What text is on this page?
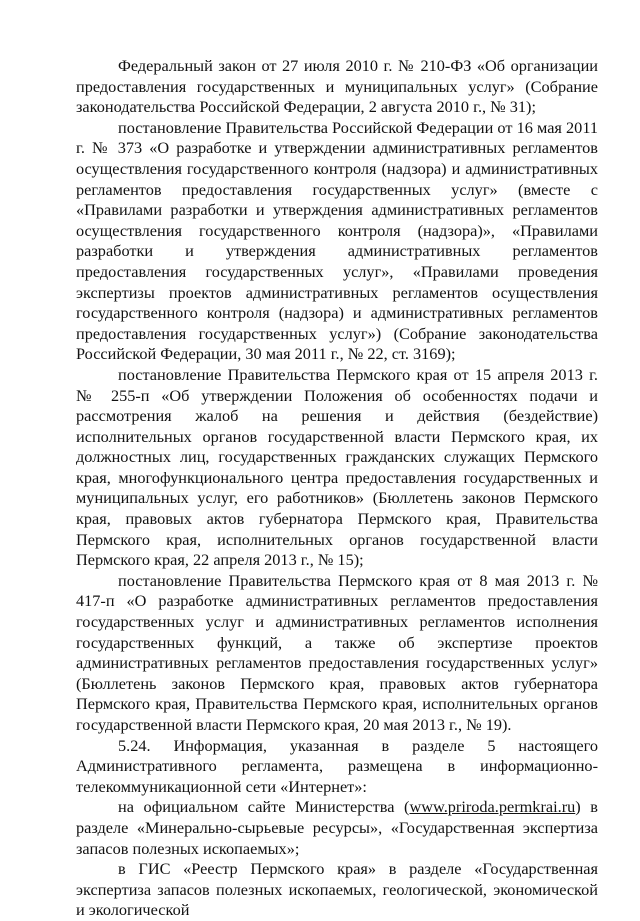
Федеральный закон от 27 июля 2010 г. № 210-ФЗ «Об организации предоставления государственных и муниципальных услуг» (Собрание законодательства Российской Федерации, 2 августа 2010 г., № 31);

постановление Правительства Российской Федерации от 16 мая 2011 г. № 373 «О разработке и утверждении административных регламентов осуществления государственного контроля (надзора) и административных регламентов предоставления государственных услуг» (вместе с «Правилами разработки и утверждения административных регламентов осуществления государственного контроля (надзора)», «Правилами разработки и утверждения административных регламентов предоставления государственных услуг», «Правилами проведения экспертизы проектов административных регламентов осуществления государственного контроля (надзора) и административных регламентов предоставления государственных услуг») (Собрание законодательства Российской Федерации, 30 мая 2011 г., № 22, ст. 3169);

постановление Правительства Пермского края от 15 апреля 2013 г. № 255-п «Об утверждении Положения об особенностях подачи и рассмотрения жалоб на решения и действия (бездействие) исполнительных органов государственной власти Пермского края, их должностных лиц, государственных гражданских служащих Пермского края, многофункционального центра предоставления государственных и муниципальных услуг, его работников» (Бюллетень законов Пермского края, правовых актов губернатора Пермского края, Правительства Пермского края, исполнительных органов государственной власти Пермского края, 22 апреля 2013 г., № 15);

постановление Правительства Пермского края от 8 мая 2013 г. № 417-п «О разработке административных регламентов предоставления государственных услуг и административных регламентов исполнения государственных функций, а также об экспертизе проектов административных регламентов предоставления государственных услуг» (Бюллетень законов Пермского края, правовых актов губернатора Пермского края, Правительства Пермского края, исполнительных органов государственной власти Пермского края, 20 мая 2013 г., № 19).

5.24. Информация, указанная в разделе 5 настоящего Административного регламента, размещена в информационно-телекоммуникационной сети «Интернет»:

на официальном сайте Министерства (www.priroda.permkrai.ru) в разделе «Минерально-сырьевые ресурсы», «Государственная экспертиза запасов полезных ископаемых»;

в ГИС «Реестр Пермского края» в разделе «Государственная экспертиза запасов полезных ископаемых, геологической, экономической и экологической
